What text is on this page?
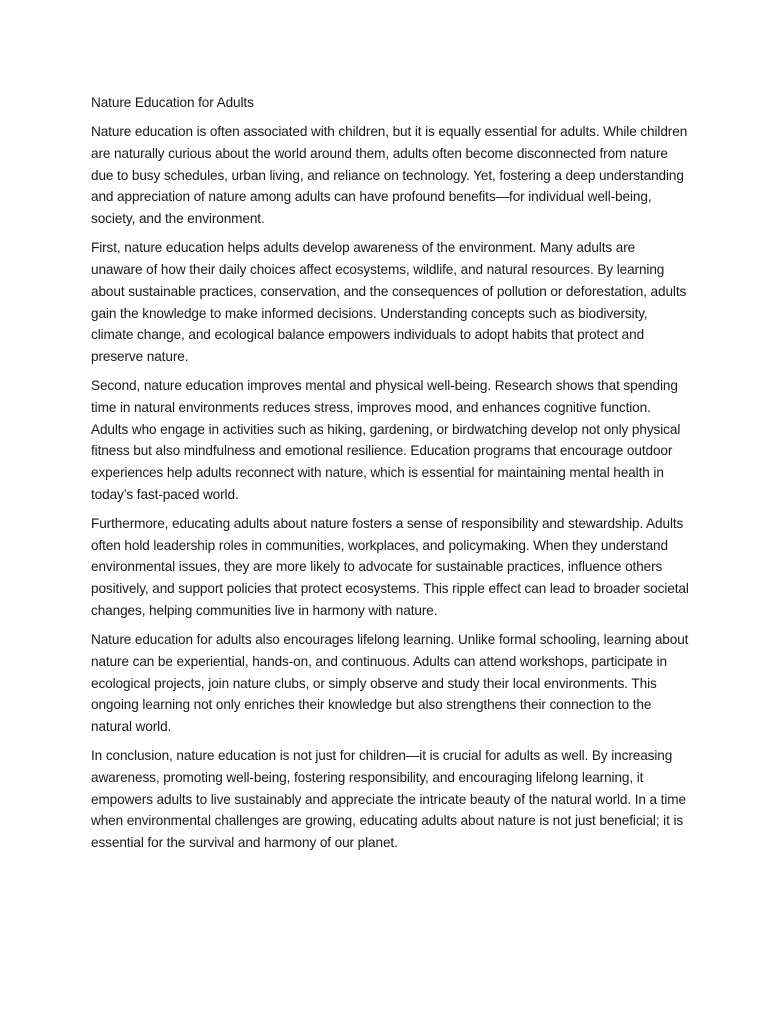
Nature Education for Adults

Nature education is often associated with children, but it is equally essential for adults. While children are naturally curious about the world around them, adults often become disconnected from nature due to busy schedules, urban living, and reliance on technology. Yet, fostering a deep understanding and appreciation of nature among adults can have profound benefits—for individual well-being, society, and the environment.

First, nature education helps adults develop awareness of the environment. Many adults are unaware of how their daily choices affect ecosystems, wildlife, and natural resources. By learning about sustainable practices, conservation, and the consequences of pollution or deforestation, adults gain the knowledge to make informed decisions. Understanding concepts such as biodiversity, climate change, and ecological balance empowers individuals to adopt habits that protect and preserve nature.

Second, nature education improves mental and physical well-being. Research shows that spending time in natural environments reduces stress, improves mood, and enhances cognitive function. Adults who engage in activities such as hiking, gardening, or birdwatching develop not only physical fitness but also mindfulness and emotional resilience. Education programs that encourage outdoor experiences help adults reconnect with nature, which is essential for maintaining mental health in today’s fast-paced world.

Furthermore, educating adults about nature fosters a sense of responsibility and stewardship. Adults often hold leadership roles in communities, workplaces, and policymaking. When they understand environmental issues, they are more likely to advocate for sustainable practices, influence others positively, and support policies that protect ecosystems. This ripple effect can lead to broader societal changes, helping communities live in harmony with nature.

Nature education for adults also encourages lifelong learning. Unlike formal schooling, learning about nature can be experiential, hands-on, and continuous. Adults can attend workshops, participate in ecological projects, join nature clubs, or simply observe and study their local environments. This ongoing learning not only enriches their knowledge but also strengthens their connection to the natural world.

In conclusion, nature education is not just for children—it is crucial for adults as well. By increasing awareness, promoting well-being, fostering responsibility, and encouraging lifelong learning, it empowers adults to live sustainably and appreciate the intricate beauty of the natural world. In a time when environmental challenges are growing, educating adults about nature is not just beneficial; it is essential for the survival and harmony of our planet.
